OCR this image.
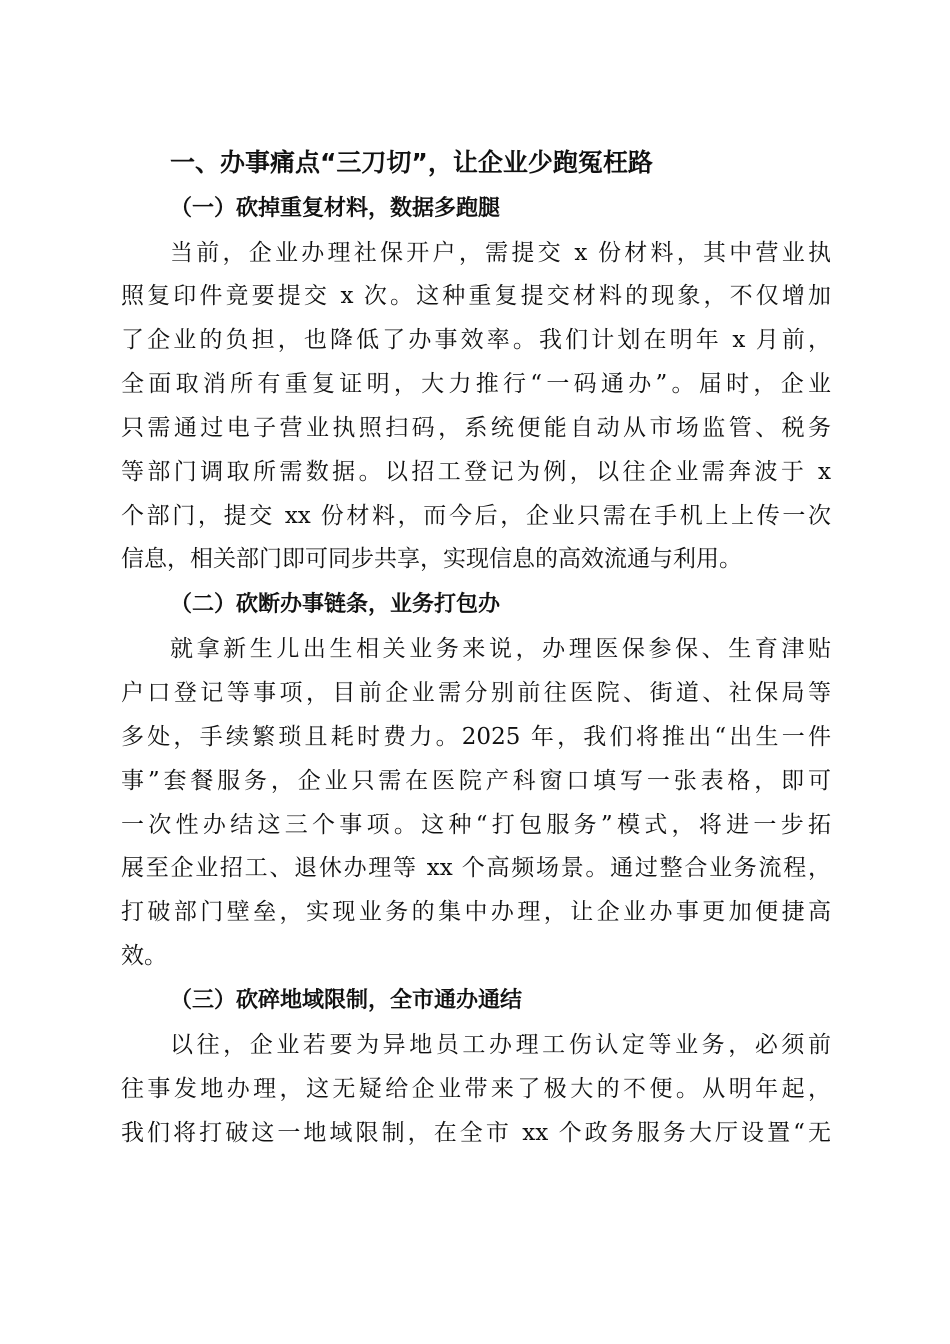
一、办事痛点“三刀切”，让企业少跑冤枉路
（一）砍掉重复材料，数据多跑腿

当前，企业办理社保开户，需提交 x 份材料，其中营业执

照复印件竟要提交 x 次。这种重复提交材料的现象，不仅增加

了企业的负担，也降低了办事效率。我们计划在明年 x 月前，

全面取消所有重复证明，大力推行“一码通办”。届时，企业

只需通过电子营业执照扫码，系统便能自动从市场监管、税务

等部门调取所需数据。以招工登记为例，以往企业需奔波于 x

个部门，提交 xx 份材料，而今后，企业只需在手机上上传一次

信息，相关部门即可同步共享，实现信息的高效流通与利用。

（二）砍断办事链条，业务打包办

就拿新生儿出生相关业务来说，办理医保参保、生育津贴

户口登记等事项，目前企业需分别前往医院、街道、社保局等

多处，手续繁琐且耗时费力。2025 年，我们将推出“出生一件

事”套餐服务，企业只需在医院产科窗口填写一张表格，即可

一次性办结这三个事项。这种“打包服务”模式，将进一步拓

展至企业招工、退休办理等 xx 个高频场景。通过整合业务流程，

打破部门壁垒，实现业务的集中办理，让企业办事更加便捷高

效。

（三）砍碎地域限制，全市通办通结

以往，企业若要为异地员工办理工伤认定等业务，必须前

往事发地办理，这无疑给企业带来了极大的不便。从明年起，

我们将打破这一地域限制，在全市 xx 个政务服务大厅设置“无
